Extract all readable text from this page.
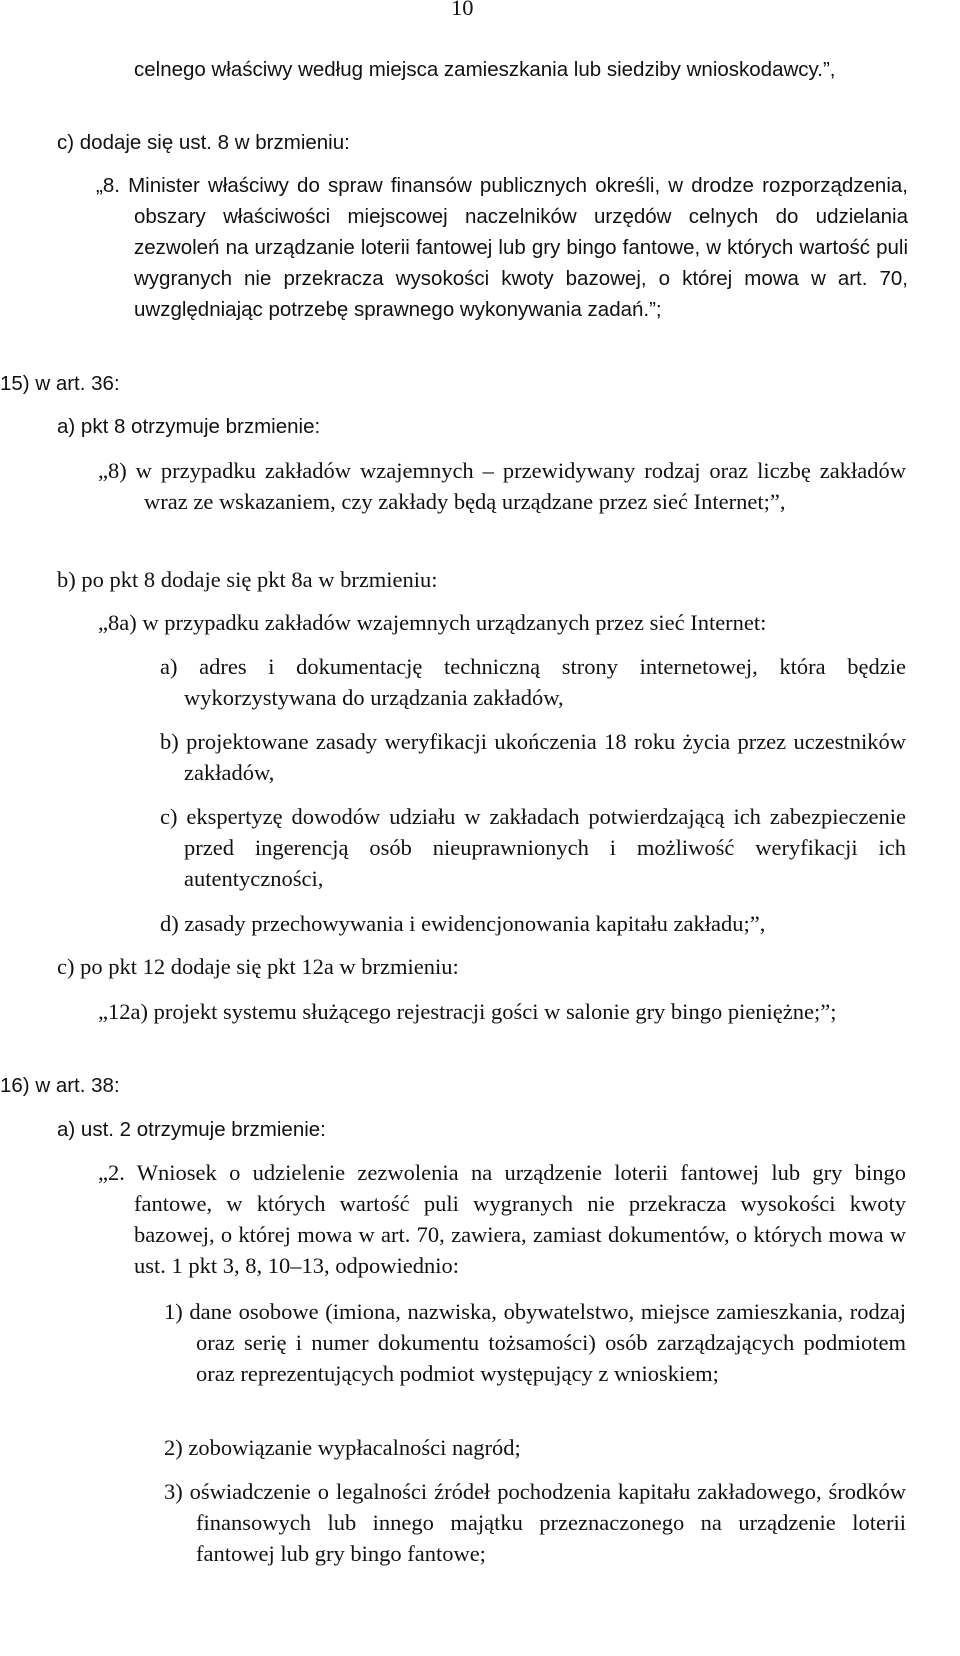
10

celnego właściwy według miejsca zamieszkania lub siedziby wnioskodawcy.”,

c) dodaje się ust. 8 w brzmieniu:

„8. Minister właściwy do spraw finansów publicznych określi, w drodze rozporządzenia, obszary właściwości miejscowej naczelników urzędów celnych do udzielania zezwoleń na urządzanie loterii fantowej lub gry bingo fantowe, w których wartość puli wygranych nie przekracza wysokości kwoty bazowej, o której mowa w art. 70, uwzględniając potrzebę sprawnego wykonywania zadań.”;

15) w art. 36:

a) pkt 8 otrzymuje brzmienie:

„8) w przypadku zakładów wzajemnych – przewidywany rodzaj oraz liczbę zakładów wraz ze wskazaniem, czy zakłady będą urządzane przez sieć Internet;”,

b) po pkt 8 dodaje się pkt 8a w brzmieniu:

„8a) w przypadku zakładów wzajemnych urządzanych przez sieć Internet:

a) adres i dokumentację techniczną strony internetowej, która będzie wykorzystywana do urządzania zakładów,

b) projektowane zasady weryfikacji ukończenia 18 roku życia przez uczestników zakładów,

c) ekspertyzę dowodów udziału w zakładach potwierdzającą ich zabezpieczenie przed ingerencją osób nieuprawnionych i możliwość weryfikacji ich autentyczności,

d) zasady przechowywania i ewidencjonowania kapitału zakładu;”,

c) po pkt 12 dodaje się pkt 12a w brzmieniu:

„12a) projekt systemu służącego rejestracji gości w salonie gry bingo pieniężne;”;

16) w art. 38:

a) ust. 2 otrzymuje brzmienie:

„2. Wniosek o udzielenie zezwolenia na urządzenie loterii fantowej lub gry bingo fantowe, w których wartość puli wygranych nie przekracza wysokości kwoty bazowej, o której mowa w art. 70, zawiera, zamiast dokumentów, o których mowa w ust. 1 pkt 3, 8, 10–13, odpowiednio:

1) dane osobowe (imiona, nazwiska, obywatelstwo, miejsce zamieszkania, rodzaj oraz serię i numer dokumentu tożsamości) osób zarządzających podmiotem oraz reprezentujących podmiot występujący z wnioskiem;

2) zobowiązanie wypłacalności nagród;

3) oświadczenie o legalności źródeł pochodzenia kapitału zakładowego, środków finansowych lub innego majątku przeznaczonego na urządzenie loterii fantowej lub gry bingo fantowe;
